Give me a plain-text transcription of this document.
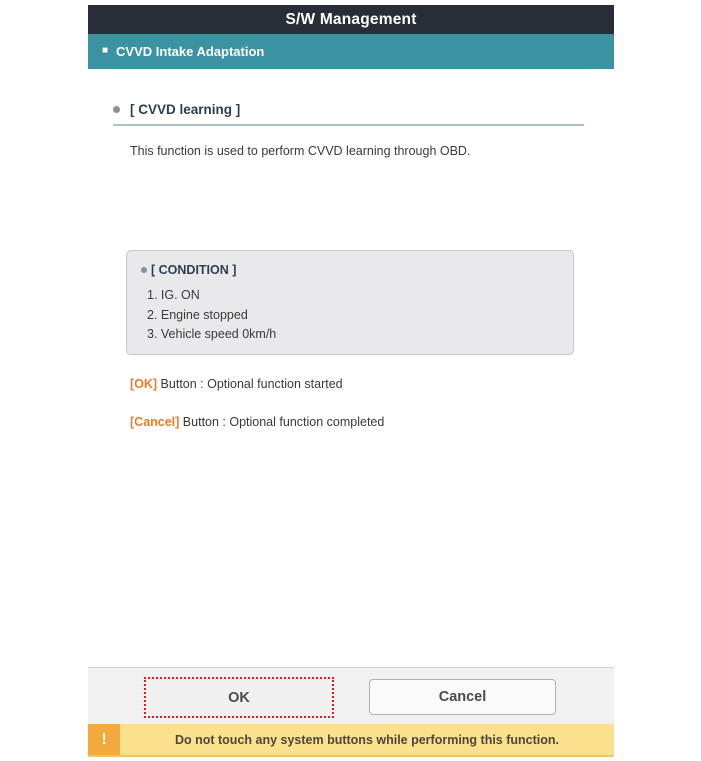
S/W Management
■ CVVD Intake Adaptation
[ CVVD learning ]
This function is used to perform CVVD learning through OBD.
[ CONDITION ]
1. IG. ON
2. Engine stopped
3. Vehicle speed 0km/h
[OK] Button : Optional function started
[Cancel] Button : Optional function completed
OK	Cancel
!	Do not touch any system buttons while performing this function.
